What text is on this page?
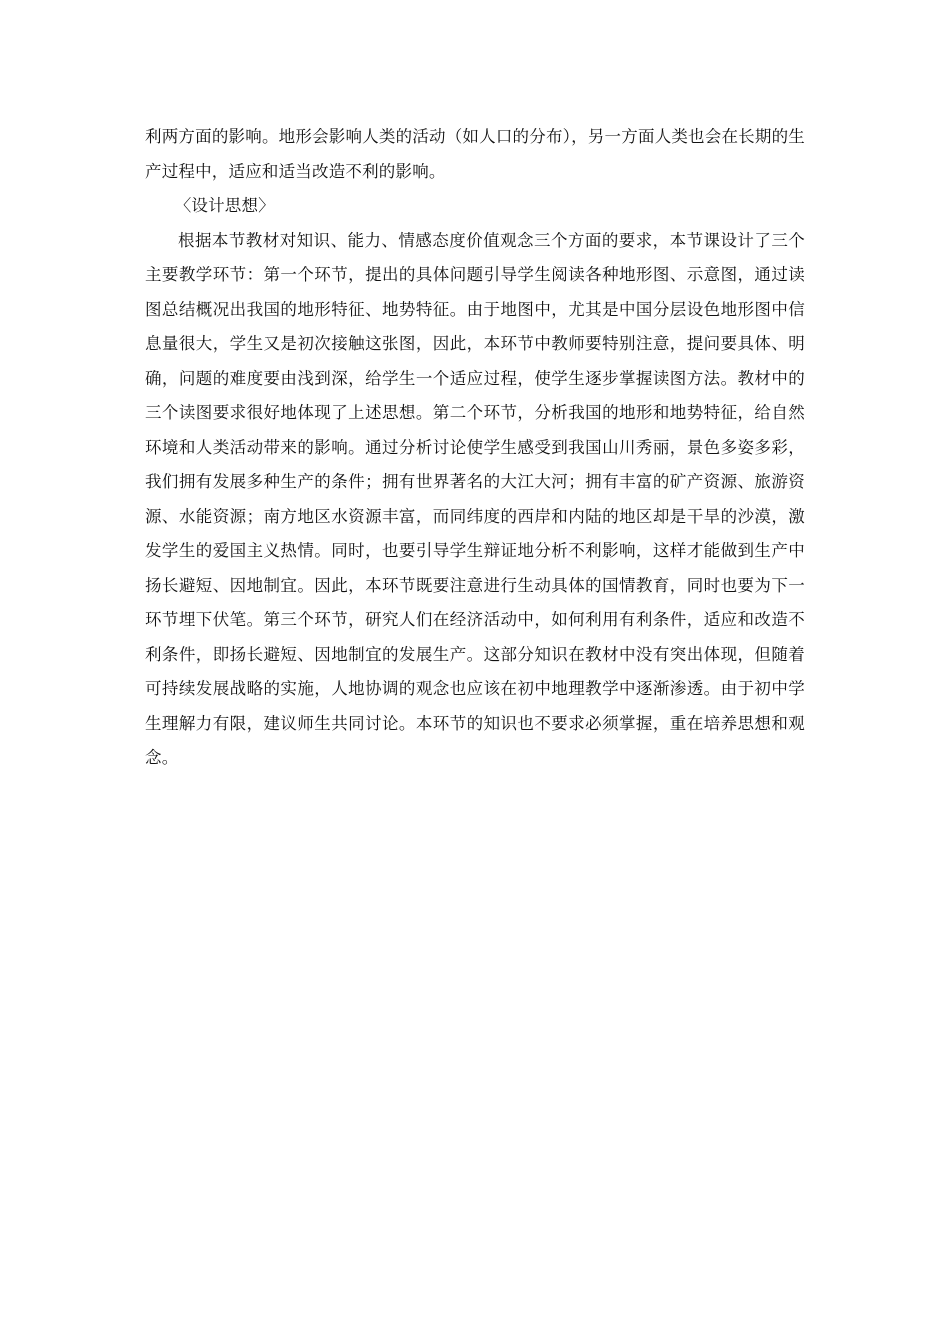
利两方面的影响。地形会影响人类的活动（如人口的分布），另一方面人类也会在长期的生产过程中，适应和适当改造不利的影响。

〈设计思想〉

根据本节教材对知识、能力、情感态度价值观念三个方面的要求，本节课设计了三个主要教学环节：第一个环节，提出的具体问题引导学生阅读各种地形图、示意图，通过读图总结概况出我国的地形特征、地势特征。由于地图中，尤其是中国分层设色地形图中信息量很大，学生又是初次接触这张图，因此，本环节中教师要特别注意，提问要具体、明确，问题的难度要由浅到深，给学生一个适应过程，使学生逐步掌握读图方法。教材中的三个读图要求很好地体现了上述思想。第二个环节，分析我国的地形和地势特征，给自然环境和人类活动带来的影响。通过分析讨论使学生感受到我国山川秀丽，景色多姿多彩，我们拥有发展多种生产的条件；拥有世界著名的大江大河；拥有丰富的矿产资源、旅游资源、水能资源；南方地区水资源丰富，而同纬度的西岸和内陆的地区却是干旱的沙漠，激发学生的爱国主义热情。同时，也要引导学生辩证地分析不利影响，这样才能做到生产中扬长避短、因地制宜。因此，本环节既要注意进行生动具体的国情教育，同时也要为下一环节埋下伏笔。第三个环节，研究人们在经济活动中，如何利用有利条件，适应和改造不利条件，即扬长避短、因地制宜的发展生产。这部分知识在教材中没有突出体现，但随着可持续发展战略的实施，人地协调的观念也应该在初中地理教学中逐渐渗透。由于初中学生理解力有限，建议师生共同讨论。本环节的知识也不要求必须掌握，重在培养思想和观念。
